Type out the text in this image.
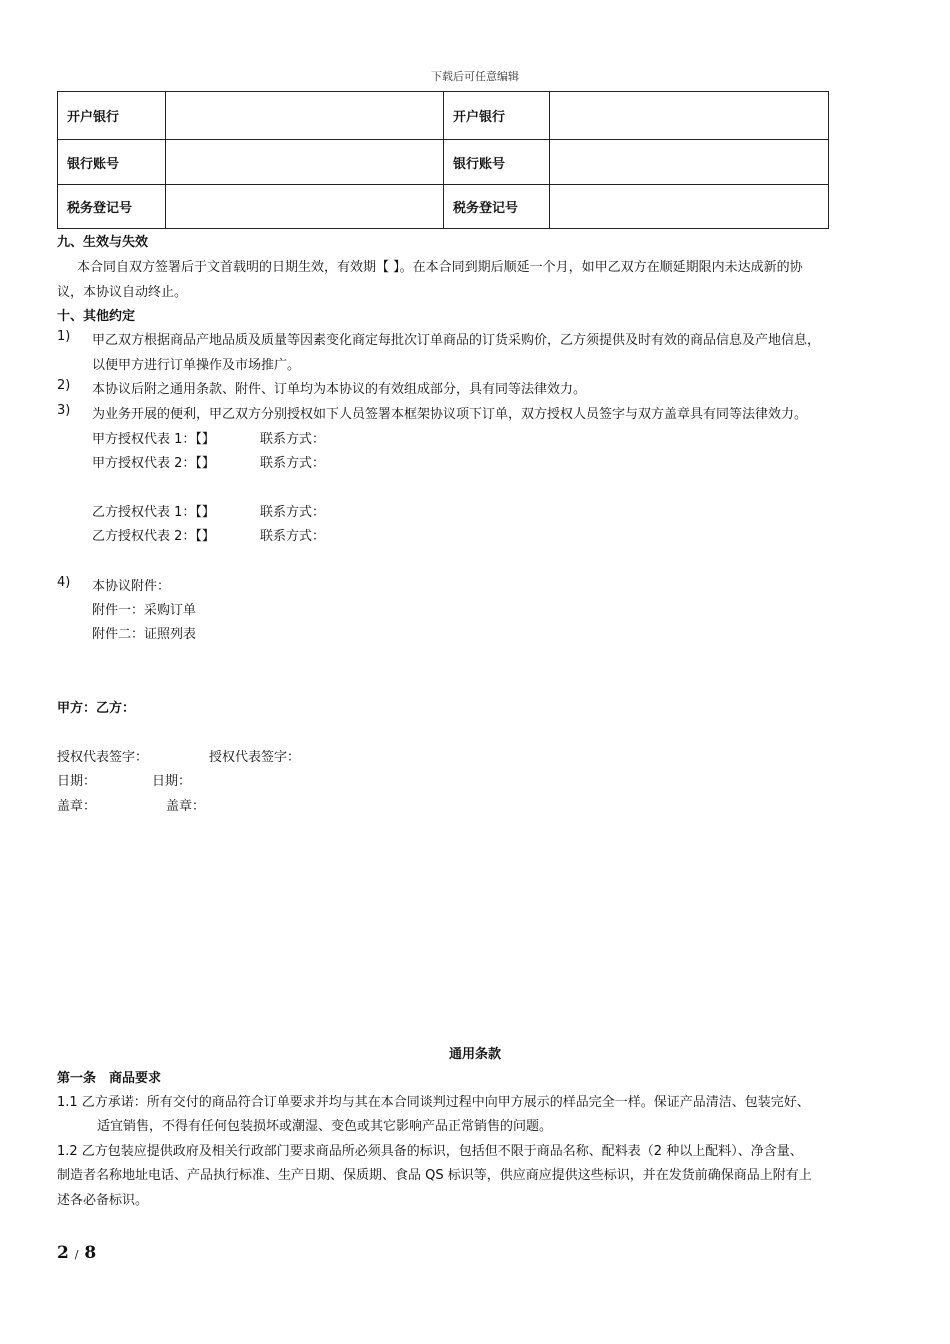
下载后可任意编辑
开户银行		开户银行	
银行账号		银行账号	
税务登记号		税务登记号	
九、生效与失效
本合同自双方签署后于文首载明的日期生效，有效期【 】。在本合同到期后顺延一个月，如甲乙双方在顺延期限内未达成新的协
议，本协议自动终止。
十、其他约定
1) 甲乙双方根据商品产地品质及质量等因素变化商定每批次订单商品的订货采购价，乙方须提供及时有效的商品信息及产地信息，
以便甲方进行订单操作及市场推广。
2) 本协议后附之通用条款、附件、订单均为本协议的有效组成部分，具有同等法律效力。
3) 为业务开展的便利，甲乙双方分别授权如下人员签署本框架协议项下订单，双方授权人员签字与双方盖章具有同等法律效力。
甲方授权代表 1：【】	联系方式：
甲方授权代表 2：【】	联系方式：
乙方授权代表 1：【】	联系方式：
乙方授权代表 2：【】	联系方式：
4) 本协议附件：
附件一：采购订单
附件二：证照列表
甲方：乙方：
授权代表签字：	授权代表签字：
日期：	日期：
盖章：	盖章：
通用条款
第一条　商品要求
1.1 乙方承诺：所有交付的商品符合订单要求并均与其在本合同谈判过程中向甲方展示的样品完全一样。保证产品清洁、包装完好、
适宜销售，不得有任何包装损坏或潮湿、变色或其它影响产品正常销售的问题。
1.2 乙方包装应提供政府及相关行政部门要求商品所必须具备的标识，包括但不限于商品名称、配料表（2 种以上配料）、净含量、
制造者名称地址电话、产品执行标准、生产日期、保质期、食品 QS 标识等，供应商应提供这些标识，并在发货前确保商品上附有上
述各必备标识。
2 / 8
